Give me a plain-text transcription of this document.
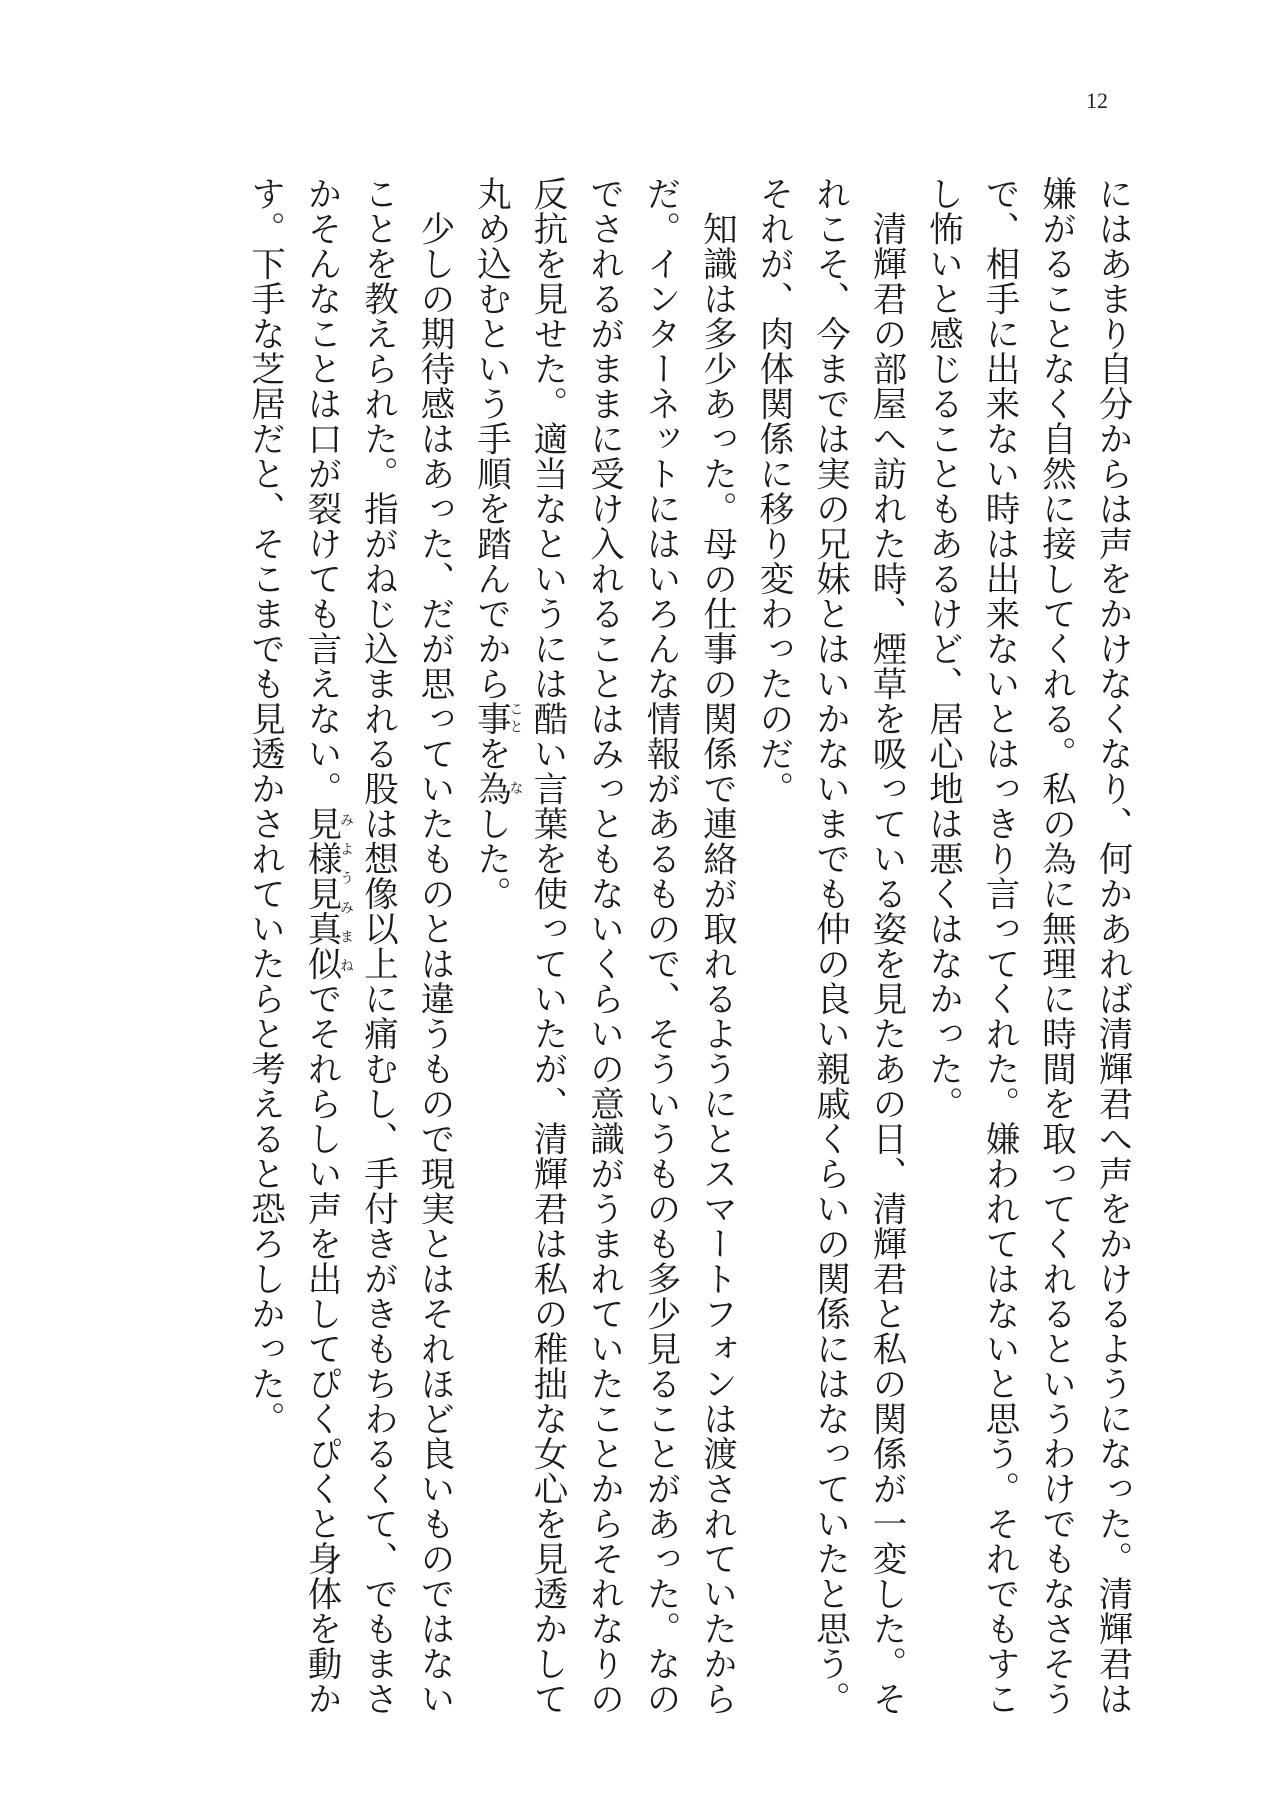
12

にはあまり自分からは声をかけなくなり、何かあれば清輝君へ声をかけるようになった。清輝君は嫌がることなく自然に接してくれる。私の為に無理に時間を取ってくれるというわけでもなさそうで、相手に出来ない時は出来ないとはっきり言ってくれた。嫌われてはないと思う。それでもすこし怖いと感じることもあるけど、居心地は悪くはなかった。

清輝君の部屋へ訪れた時、煙草を吸っている姿を見たあの日、清輝君と私の関係が一変した。それこそ、今までは実の兄妹とはいかないまでも仲の良い親戚くらいの関係にはなっていたと思う。それが、肉体関係に移り変わったのだ。

知識は多少あった。母の仕事の関係で連絡が取れるようにとスマートフォンは渡されていたからだ。インターネットにはいろんな情報があるもので、そういうものも多少見ることがあった。なのでされるがままに受け入れることはみっともないくらいの意識がうまれていたことからそれなりの反抗を見せた。適当なというには酷い言葉を使っていたが、清輝君は私の稚拙な女心を見透かして丸め込むという手順を踏んでから事ことを為なした。

少しの期待感はあった、だが思っていたものとは違うもので現実とはそれほど良いものではないことを教えられた。指がねじ込まれる股は想像以上に痛むし、手付きがきもちわるくて、でもまさかそんなことは口が裂けても言えない。見様見真似みようみまねでそれらしい声を出してぴくぴくと身体を動かす。下手な芝居だと、そこまでも見透かされていたらと考えると恐ろしかった。
